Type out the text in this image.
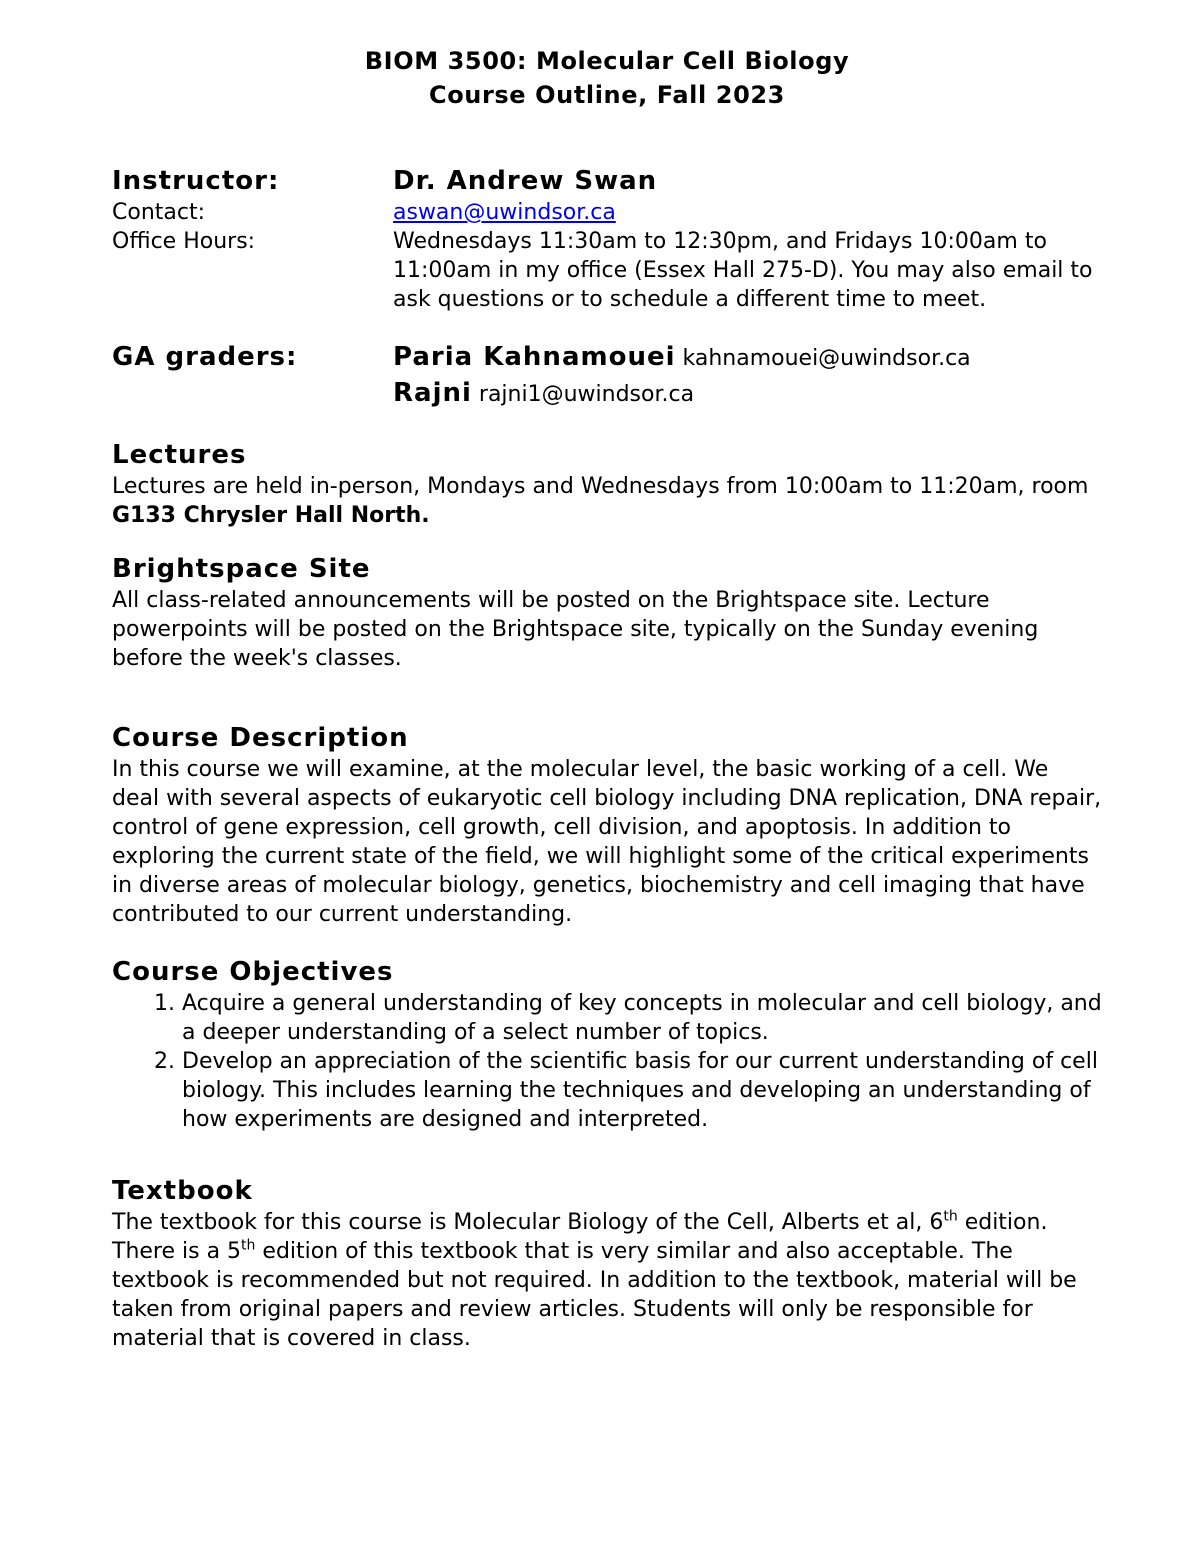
BIOM 3500: Molecular Cell Biology
Course Outline, Fall 2023
Instructor:	Dr. Andrew Swan
Contact:	aswan@uwindsor.ca
Office Hours:	Wednesdays 11:30am to 12:30pm, and Fridays 10:00am to 11:00am in my office (Essex Hall 275-D). You may also email to ask questions or to schedule a different time to meet.
GA graders:	Paria Kahnamouei kahnamouei@uwindsor.ca
Rajni rajni1@uwindsor.ca
Lectures

Lectures are held in-person, Mondays and Wednesdays from 10:00am to 11:20am, room G133 Chrysler Hall North.

Brightspace Site

All class-related announcements will be posted on the Brightspace site. Lecture powerpoints will be posted on the Brightspace site, typically on the Sunday evening before the week's classes.

Course Description

In this course we will examine, at the molecular level, the basic working of a cell. We deal with several aspects of eukaryotic cell biology including DNA replication, DNA repair, control of gene expression, cell growth, cell division, and apoptosis. In addition to exploring the current state of the field, we will highlight some of the critical experiments in diverse areas of molecular biology, genetics, biochemistry and cell imaging that have contributed to our current understanding.

Course Objectives
1. Acquire a general understanding of key concepts in molecular and cell biology, and a deeper understanding of a select number of topics.
2. Develop an appreciation of the scientific basis for our current understanding of cell biology. This includes learning the techniques and developing an understanding of how experiments are designed and interpreted.
Textbook

The textbook for this course is Molecular Biology of the Cell, Alberts et al, 6th edition. There is a 5th edition of this textbook that is very similar and also acceptable. The textbook is recommended but not required. In addition to the textbook, material will be taken from original papers and review articles. Students will only be responsible for material that is covered in class.
